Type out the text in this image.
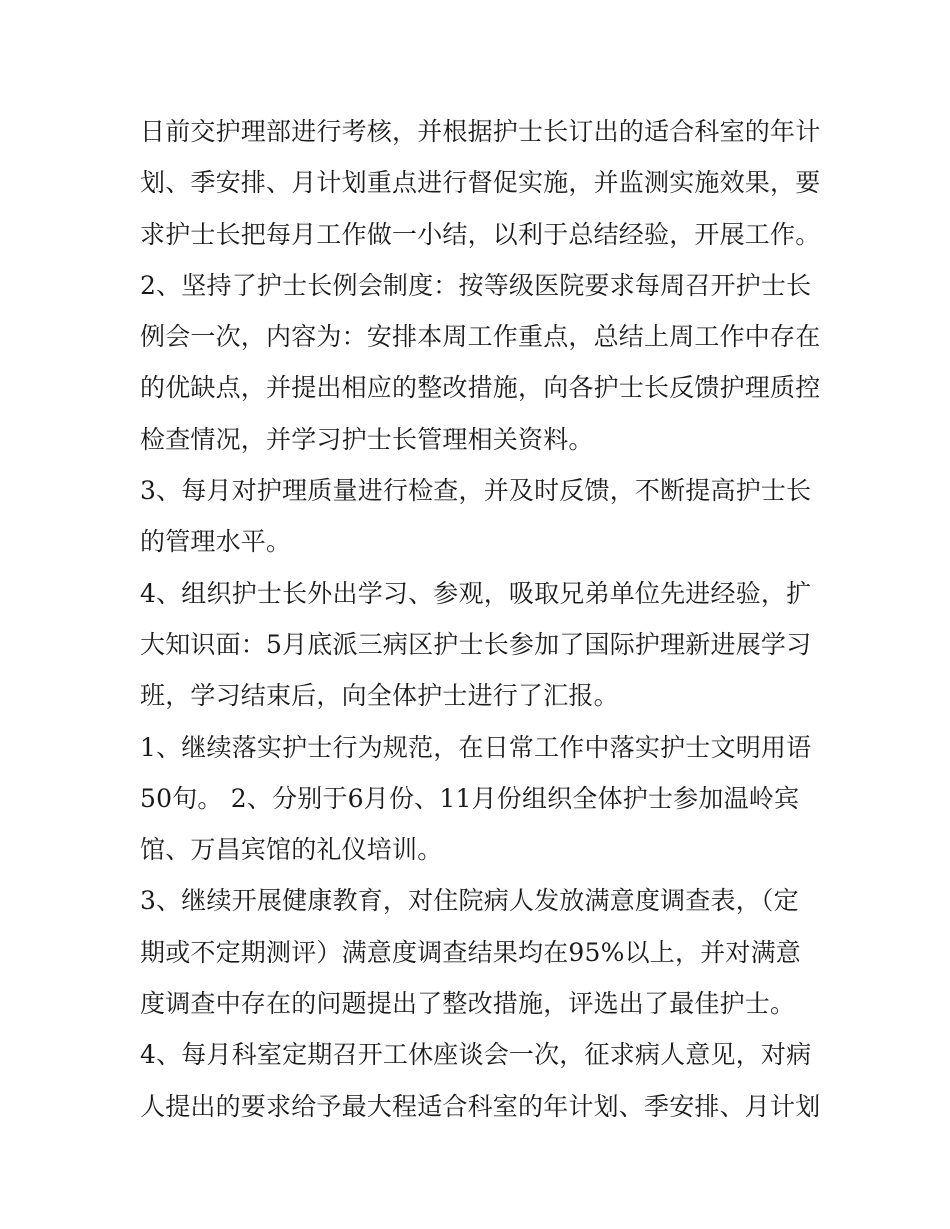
日前交护理部进行考核，并根据护士长订出的适合科室的年计
划、季安排、月计划重点进行督促实施，并监测实施效果，要
求护士长把每月工作做一小结，以利于总结经验，开展工作。
2、坚持了护士长例会制度：按等级医院要求每周召开护士长
例会一次，内容为：安排本周工作重点，总结上周工作中存在
的优缺点，并提出相应的整改措施，向各护士长反馈护理质控
检查情况，并学习护士长管理相关资料。
3、每月对护理质量进行检查，并及时反馈，不断提高护士长
的管理水平。
4、组织护士长外出学习、参观，吸取兄弟单位先进经验，扩
大知识面：5月底派三病区护士长参加了国际护理新进展学习
班，学习结束后，向全体护士进行了汇报。
1、继续落实护士行为规范，在日常工作中落实护士文明用语
50句。 2、分别于6月份、11月份组织全体护士参加温岭宾
馆、万昌宾馆的礼仪培训。
3、继续开展健康教育，对住院病人发放满意度调查表，（定
期或不定期测评）满意度调查结果均在95%以上，并对满意
度调查中存在的问题提出了整改措施，评选出了最佳护士。
4、每月科室定期召开工休座谈会一次，征求病人意见，对病
人提出的要求给予最大程适合科室的年计划、季安排、月计划
